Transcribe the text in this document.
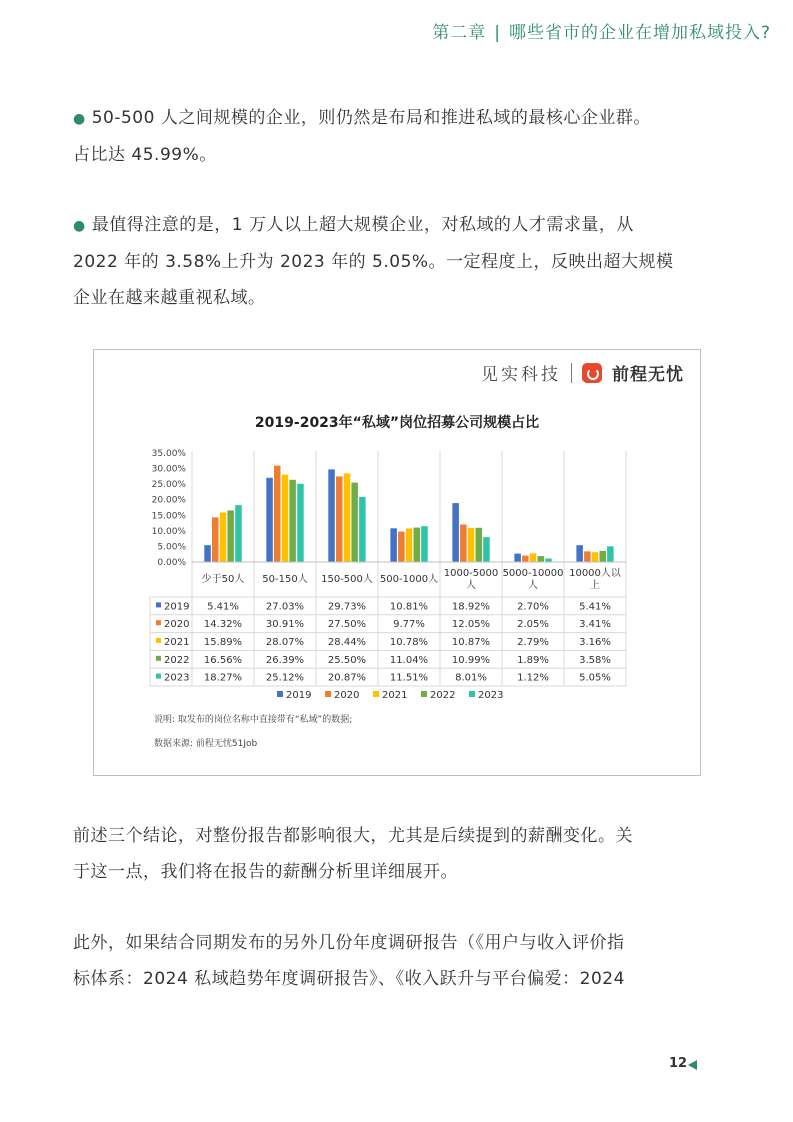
第二章 | 哪些省市的企业在增加私域投入?
● 50-500 人之间规模的企业，则仍然是布局和推进私域的最核心企业群。
占比达 45.99%。
● 最值得注意的是，1 万人以上超大规模企业，对私域的人才需求量，从
2022 年的 3.58%上升为 2023 年的 5.05%。一定程度上，反映出超大规模
企业在越来越重视私域。
见实科技	前程无忧
2019-2023年“私域”岗位招募公司规模占比
35.00%
30.00%
25.00%
20.00%
15.00%
10.00%
5.00%
0.00%
少于50人 50-150人 150-500人 500-1000人
1000-5000
人
5000-10000
人
10000人以
上
2019 5.41%	27.03% 29.73% 10.81% 18.92%	2.70%	5.41%
2020 14.32% 30.91% 27.50%	9.77%	12.05%	2.05%	3.41%
2021 15.89% 28.07% 28.44% 10.78% 10.87%	2.79%	3.16%
2022 16.56% 26.39% 25.50% 11.04% 10.99%	1.89%	3.58%
2023 18.27% 25.12% 20.87% 11.51%	8.01%	1.12%	5.05%
2019 2020 2021 2022 2023
说明: 取发布的岗位名称中直接带有“私域”的数据;
数据来源: 前程无忧51Job
前述三个结论，对整份报告都影响很大，尤其是后续提到的薪酬变化。关
于这一点，我们将在报告的薪酬分析里详细展开。
此外，如果结合同期发布的另外几份年度调研报告（《用户与收入评价指
标体系：2024 私域趋势年度调研报告》、《收入跃升与平台偏爱：2024
12
